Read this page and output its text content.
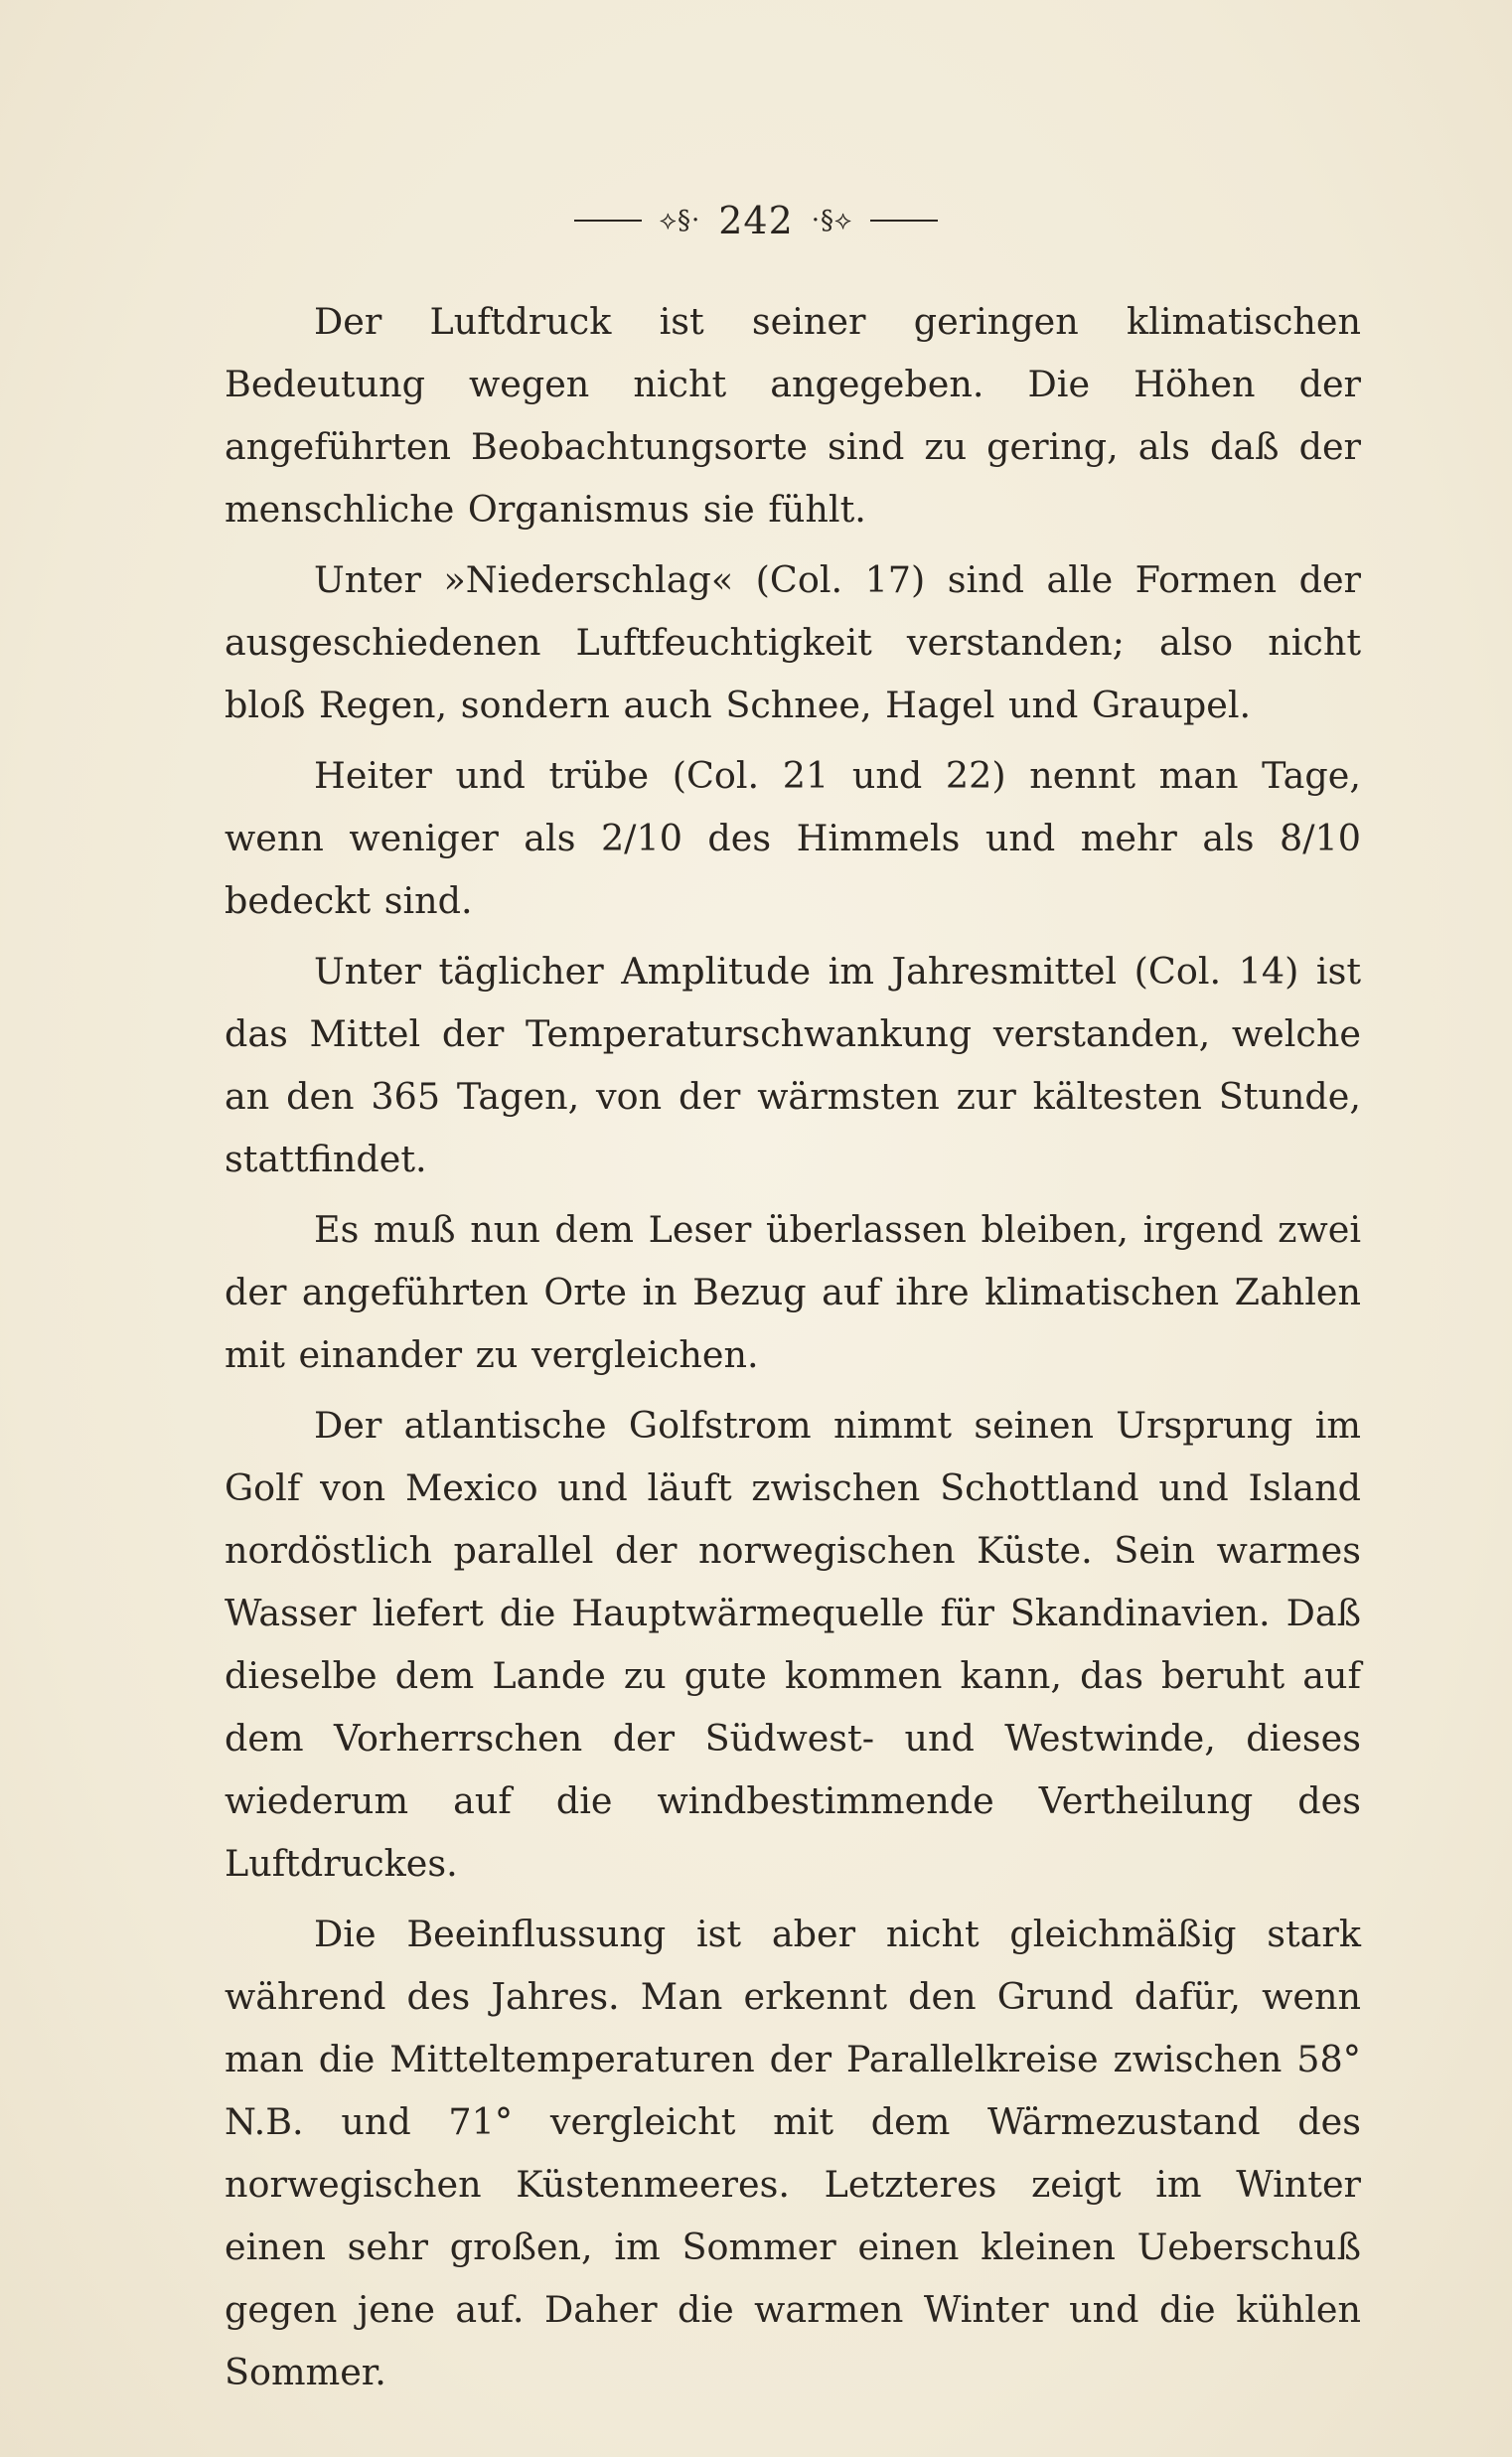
⟡§· 242 ·§⟡

Der Luftdruck ist seiner geringen klimatischen Bedeutung wegen nicht angegeben. Die Höhen der angeführten Beobachtungsorte sind zu gering, als daß der menschliche Organismus sie fühlt.

Unter »Niederschlag« (Col. 17) sind alle Formen der ausgeschiedenen Luftfeuchtigkeit verstanden; also nicht bloß Regen, sondern auch Schnee, Hagel und Graupel.

Heiter und trübe (Col. 21 und 22) nennt man Tage, wenn weniger als 2/10 des Himmels und mehr als 8/10 bedeckt sind.

Unter täglicher Amplitude im Jahresmittel (Col. 14) ist das Mittel der Temperaturschwankung verstanden, welche an den 365 Tagen, von der wärmsten zur kältesten Stunde, stattfindet.

Es muß nun dem Leser überlassen bleiben, irgend zwei der angeführten Orte in Bezug auf ihre klimatischen Zahlen mit einander zu vergleichen.

Der atlantische Golfstrom nimmt seinen Ursprung im Golf von Mexico und läuft zwischen Schottland und Island nordöstlich parallel der norwegischen Küste. Sein warmes Wasser liefert die Hauptwärmequelle für Skandinavien. Daß dieselbe dem Lande zu gute kommen kann, das beruht auf dem Vorherrschen der Südwest- und Westwinde, dieses wiederum auf die windbestimmende Vertheilung des Luftdruckes.

Die Beeinflussung ist aber nicht gleichmäßig stark während des Jahres. Man erkennt den Grund dafür, wenn man die Mitteltemperaturen der Parallelkreise zwischen 58° N.B. und 71° vergleicht mit dem Wärmezustand des norwegischen Küstenmeeres. Letzteres zeigt im Winter einen sehr großen, im Sommer einen kleinen Ueberschuß gegen jene auf. Daher die warmen Winter und die kühlen Sommer.
